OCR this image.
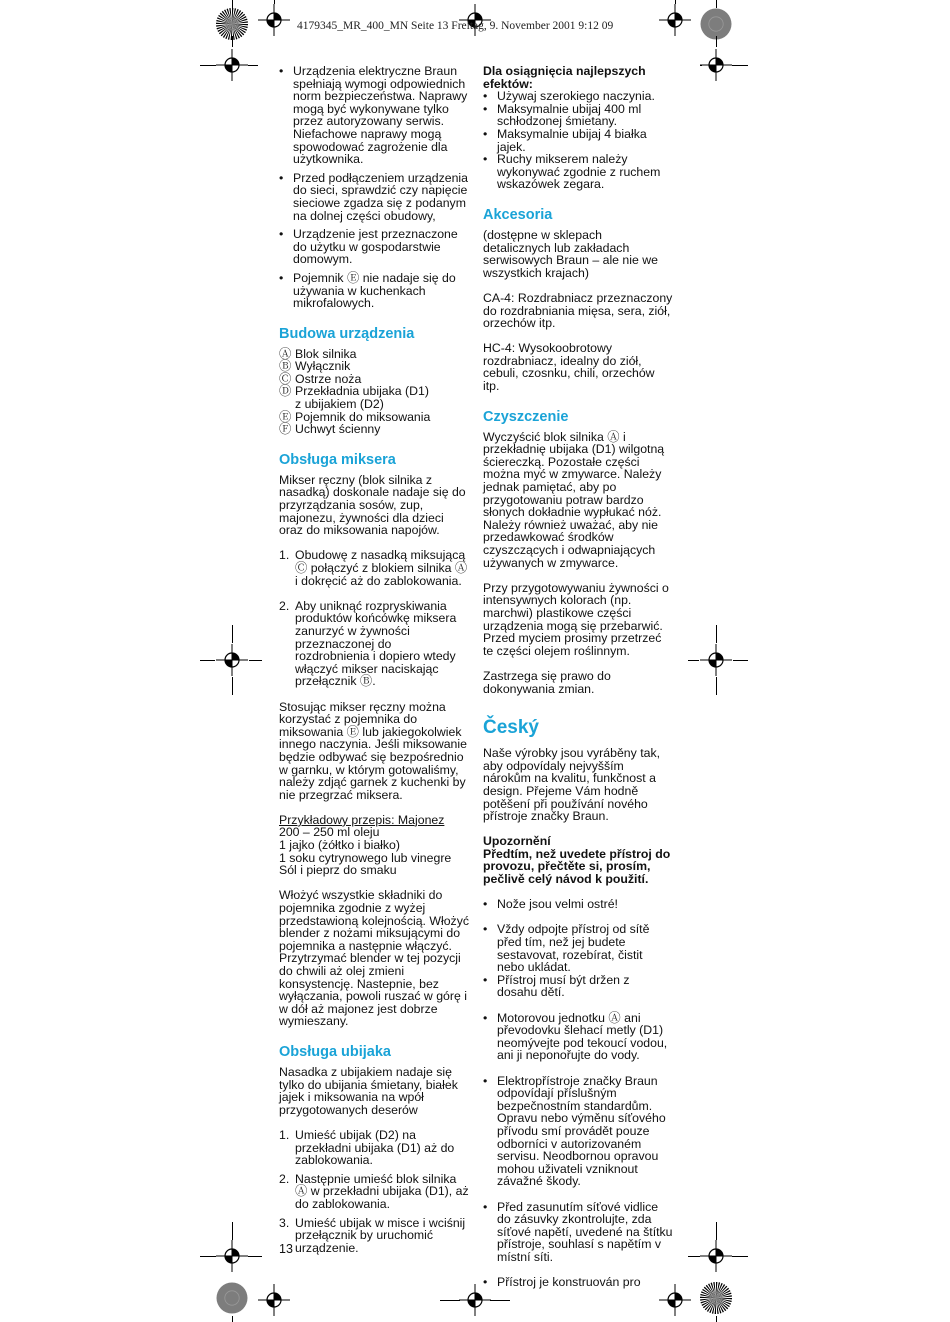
4179345_MR_400_MN Seite 13 Freitag, 9. November 2001 9:12 09
• Urządzenia elektryczne Braun spełniają wymogi odpowiednich norm bezpieczeństwa. Naprawy mogą być wykonywane tylko przez autoryzowany serwis. Niefachowe naprawy mogą spowodować zagrożenie dla użytkownika.
• Przed podłączeniem urządzenia do sieci, sprawdzić czy napięcie sieciowe zgadza się z podanym na dolnej części obudowy,
• Urządzenie jest przeznaczone do użytku w gospodarstwie domowym.
• Pojemnik Ⓔ nie nadaje się do używania w kuchenkach mikrofalowych.
Budowa urządzenia
Ⓐ Blok silnika
Ⓑ Wyłącznik
Ⓒ Ostrze noża
Ⓓ Przekładnia ubijaka (D1)
z ubijakiem (D2)
Ⓔ Pojemnik do miksowania
Ⓕ Uchwyt ścienny
Obsługa miksera

Mikser ręczny (blok silnika z nasadką) doskonale nadaje się do przyrządzania sosów, zup, majonezu, żywności dla dzieci oraz do miksowania napojów.

1. Obudowę z nasadką miksującą Ⓒ połączyć z blokiem silnika Ⓐ i dokręcić aż do zablokowania.
2. Aby uniknąć rozpryskiwania produktów końcówkę miksera zanurzyć w żywności przeznaczonej do rozdrobnienia i dopiero wtedy włączyć mikser naciskając przełącznik Ⓑ.

Stosując mikser ręczny można korzystać z pojemnika do miksowania Ⓔ lub jakiegokolwiek innego naczynia. Jeśli miksowanie będzie odbywać się bezpośrednio w garnku, w którym gotowaliśmy, należy zdjąć garnek z kuchenki by nie przegrzać miksera.

Przykładowy przepis: Majonez
200 – 250 ml oleju
1 jajko (żółtko i białko)
1 soku cytrynowego lub vinegre
Sól i pieprz do smaku

Włożyć wszystkie składniki do pojemnika zgodnie z wyżej przedstawioną kolejnością. Włożyć blender z nożami miksującymi do pojemnika a następnie włączyć. Przytrzymać blender w tej pozycji do chwili aż olej zmieni konsystencję. Nastepnie, bez wyłączania, powoli ruszać w górę i w dół aż majonez jest dobrze wymieszany.

Obsługa ubijaka

Nasadka z ubijakiem nadaje się tylko do ubijania śmietany, białek jajek i miksowania na wpół przygotowanych deserów

1. Umieść ubijak (D2) na przekładni ubijaka (D1) aż do zablokowania.
2. Następnie umieść blok silnika Ⓐ w przekładni ubijaka (D1), aż do zablokowania.
3. Umieść ubijak w misce i wciśnij przełącznik by uruchomić urządzenie.
Dla osiągnięcia najlepszych efektów:
• Używaj szerokiego naczynia.
• Maksymalnie ubijaj 400 ml schłodzonej śmietany.
• Maksymalnie ubijaj 4 białka jajek.
• Ruchy mikserem należy wykonywać zgodnie z ruchem wskazówek zegara.
Akcesoria

(dostępne w sklepach detalicznych lub zakładach serwisowych Braun – ale nie we wszystkich krajach)

CA-4: Rozdrabniacz przeznaczony do rozdrabniania mięsa, sera, ziół, orzechów itp.

HC-4: Wysokoobrotowy rozdrabniacz, idealny do ziół, cebuli, czosnku, chili, orzechów itp.

Czyszczenie

Wyczyścić blok silnika Ⓐ i przekładnię ubijaka (D1) wilgotną ściereczką. Pozostałe części można myć w zmywarce. Należy jednak pamiętać, aby po przygotowaniu potraw bardzo słonych dokładnie wypłukać nóż. Należy również uważać, aby nie przedawkować środków czyszczących i odwapniających używanych w zmywarce.

Przy przygotowywaniu żywności o intensywnych kolorach (np. marchwi) plastikowe części urządzenia mogą się przebarwić. Przed myciem prosimy przetrzeć te części olejem roślinnym.

Zastrzega się prawo do dokonywania zmian.

Český

Naše výrobky jsou vyráběny tak, aby odpovídaly nejvyšším nárokům na kvalitu, funkčnost a design. Přejeme Vám hodně potěšení při používání nového přístroje značky Braun.

Upozornění

Předtím, než uvedete přístroj do provozu, přečtěte si, prosím, pečlivě celý návod k použití.

• Nože jsou velmi ostré!
• Vždy odpojte přístroj od sítě před tím, než jej budete sestavovat, rozebírat, čistit nebo ukládat.
• Přístroj musí být držen z dosahu dětí.
• Motorovou jednotku Ⓐ ani převodovku šlehací metly (D1) neomývejte pod tekoucí vodou, ani ji neponořujte do vody.
• Elektropřístroje značky Braun odpovídají příslušným bezpečnostním standardům. Opravu nebo výměnu síťového přívodu smí provádět pouze odborníci v autorizovaném servisu. Neodbornou opravou mohou uživateli vzniknout závažné škody.
• Před zasunutím síťové vidlice do zásuvky zkontrolujte, zda síťové napětí, uvedené na štítku přístroje, souhlasí s napětím v místní síti.
• Přístroj je konstruován pro
13
